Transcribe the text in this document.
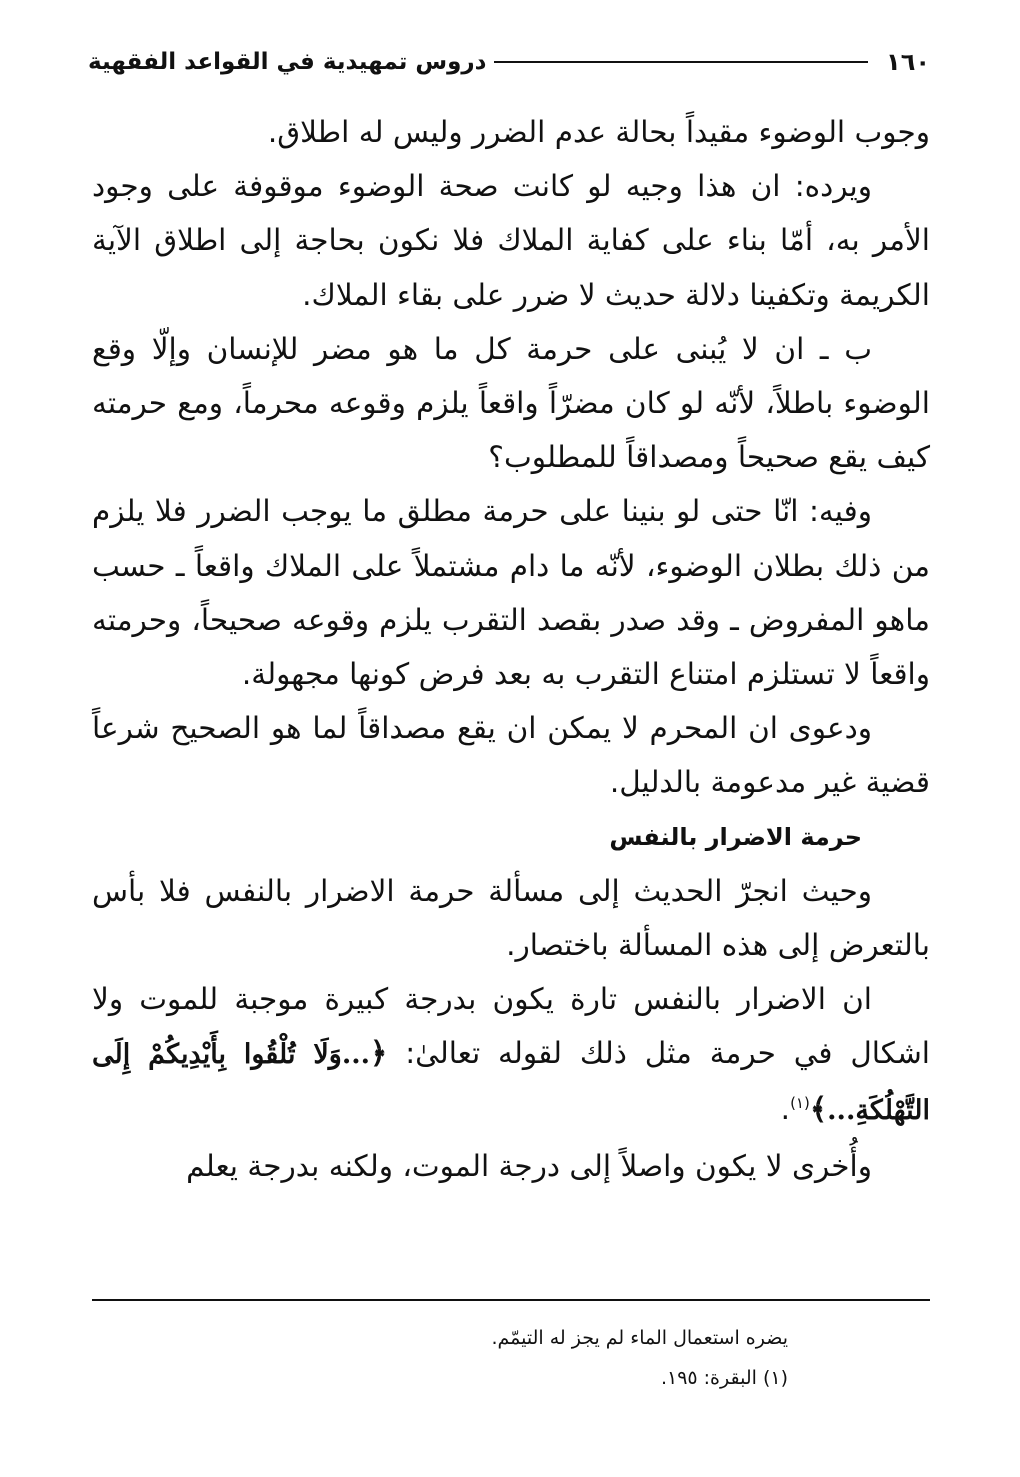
١٦٠
دروس تمهيدية في القواعد الفقهية

وجوب الوضوء مقيداً بحالة عدم الضرر وليس له اطلاق.

ويرده: ان هذا وجيه لو كانت صحة الوضوء موقوفة على وجود الأمر به، أمّا بناء على كفاية الملاك فلا نكون بحاجة إلى اطلاق الآية الكريمة وتكفينا دلالة حديث لا ضرر على بقاء الملاك.

ب ـ ان لا يُبنى على حرمة كل ما هو مضر للإنسان وإلّا وقع الوضوء باطلاً، لأنّه لو كان مضرّاً واقعاً يلزم وقوعه محرماً، ومع حرمته كيف يقع صحيحاً ومصداقاً للمطلوب؟

وفيه: انّا حتى لو بنينا على حرمة مطلق ما يوجب الضرر فلا يلزم من ذلك بطلان الوضوء، لأنّه ما دام مشتملاً على الملاك واقعاً ـ حسب ماهو المفروض ـ وقد صدر بقصد التقرب يلزم وقوعه صحيحاً، وحرمته واقعاً لا تستلزم امتناع التقرب به بعد فرض كونها مجهولة.

ودعوى ان المحرم لا يمكن ان يقع مصداقاً لما هو الصحيح شرعاً قضية غير مدعومة بالدليل.

حرمة الاضرار بالنفس

وحيث انجرّ الحديث إلى مسألة حرمة الاضرار بالنفس فلا بأس بالتعرض إلى هذه المسألة باختصار.

ان الاضرار بالنفس تارة يكون بدرجة كبيرة موجبة للموت ولا اشكال في حرمة مثل ذلك لقوله تعالىٰ: ﴿...وَلَا تُلْقُوا بِأَيْدِيكُمْ إِلَى التَّهْلُكَةِ...﴾$^{(١)}$.

وأُخرى لا يكون واصلاً إلى درجة الموت، ولكنه بدرجة يعلم

يضره استعمال الماء لم يجز له التيمّم.

(١) البقرة: ١٩٥.
